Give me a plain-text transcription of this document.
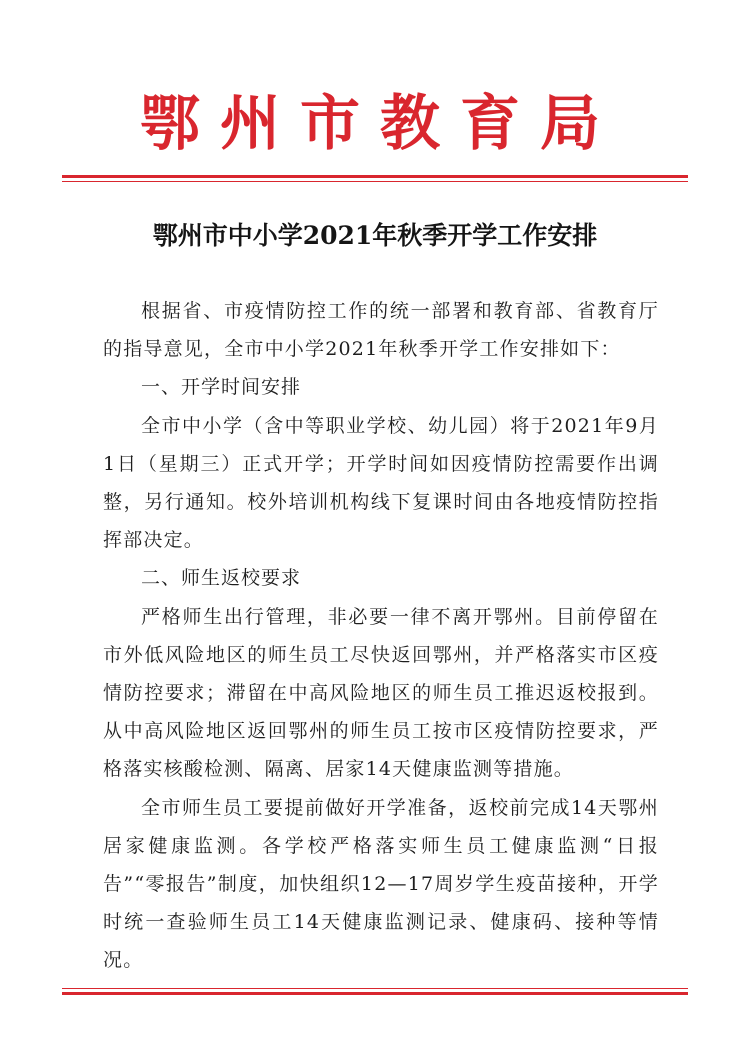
鄂州市教育局
鄂州市中小学2021年秋季开学工作安排

根据省、市疫情防控工作的统一部署和教育部、省教育厅的指导意见，全市中小学2021年秋季开学工作安排如下：

一、开学时间安排

全市中小学（含中等职业学校、幼儿园）将于2021年9月1日（星期三）正式开学；开学时间如因疫情防控需要作出调整，另行通知。校外培训机构线下复课时间由各地疫情防控指挥部决定。

二、师生返校要求

严格师生出行管理，非必要一律不离开鄂州。目前停留在市外低风险地区的师生员工尽快返回鄂州，并严格落实市区疫情防控要求；滞留在中高风险地区的师生员工推迟返校报到。从中高风险地区返回鄂州的师生员工按市区疫情防控要求，严格落实核酸检测、隔离、居家14天健康监测等措施。

全市师生员工要提前做好开学准备，返校前完成14天鄂州居家健康监测。各学校严格落实师生员工健康监测“日报告”“零报告”制度，加快组织12—17周岁学生疫苗接种，开学时统一查验师生员工14天健康监测记录、健康码、接种等情况。
